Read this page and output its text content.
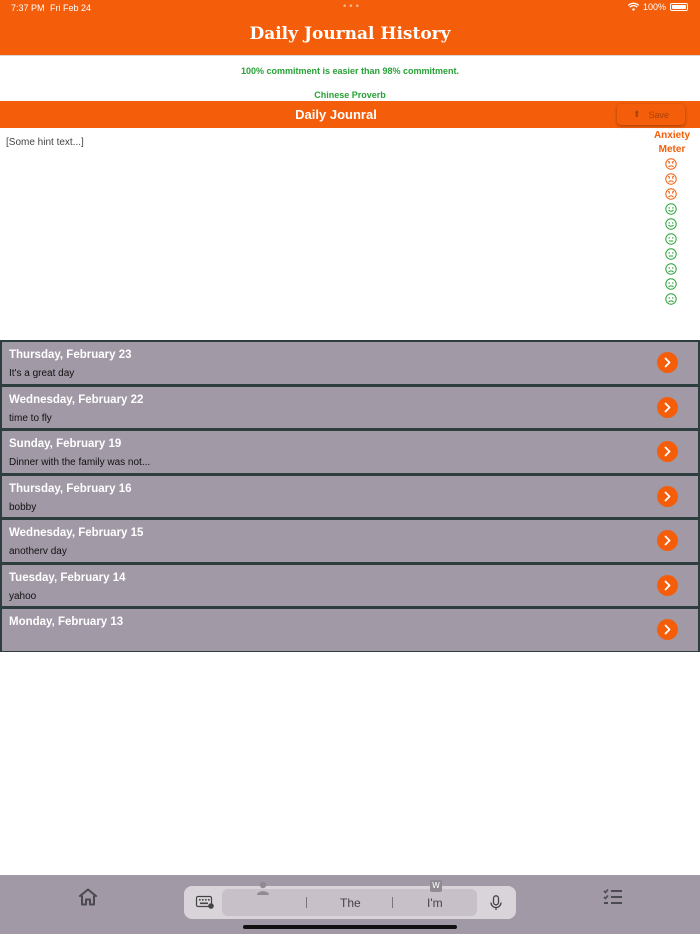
7:37 PM Fri Feb 24	•••	100%
Daily Journal History
100% commitment is easier than 98% commitment.
Chinese Proverb
Daily Jounral	⬆ Save
[Some hint text...]
Anxiety
Meter
Thursday, February 23
It's a great day
Wednesday, February 22
time to fly
Sunday, February 19
Dinner with the family was not...
Thursday, February 16
bobby
Wednesday, February 15
anotherv day
Tuesday, February 14
yahoo
Monday, February 13
The
W
I'm
